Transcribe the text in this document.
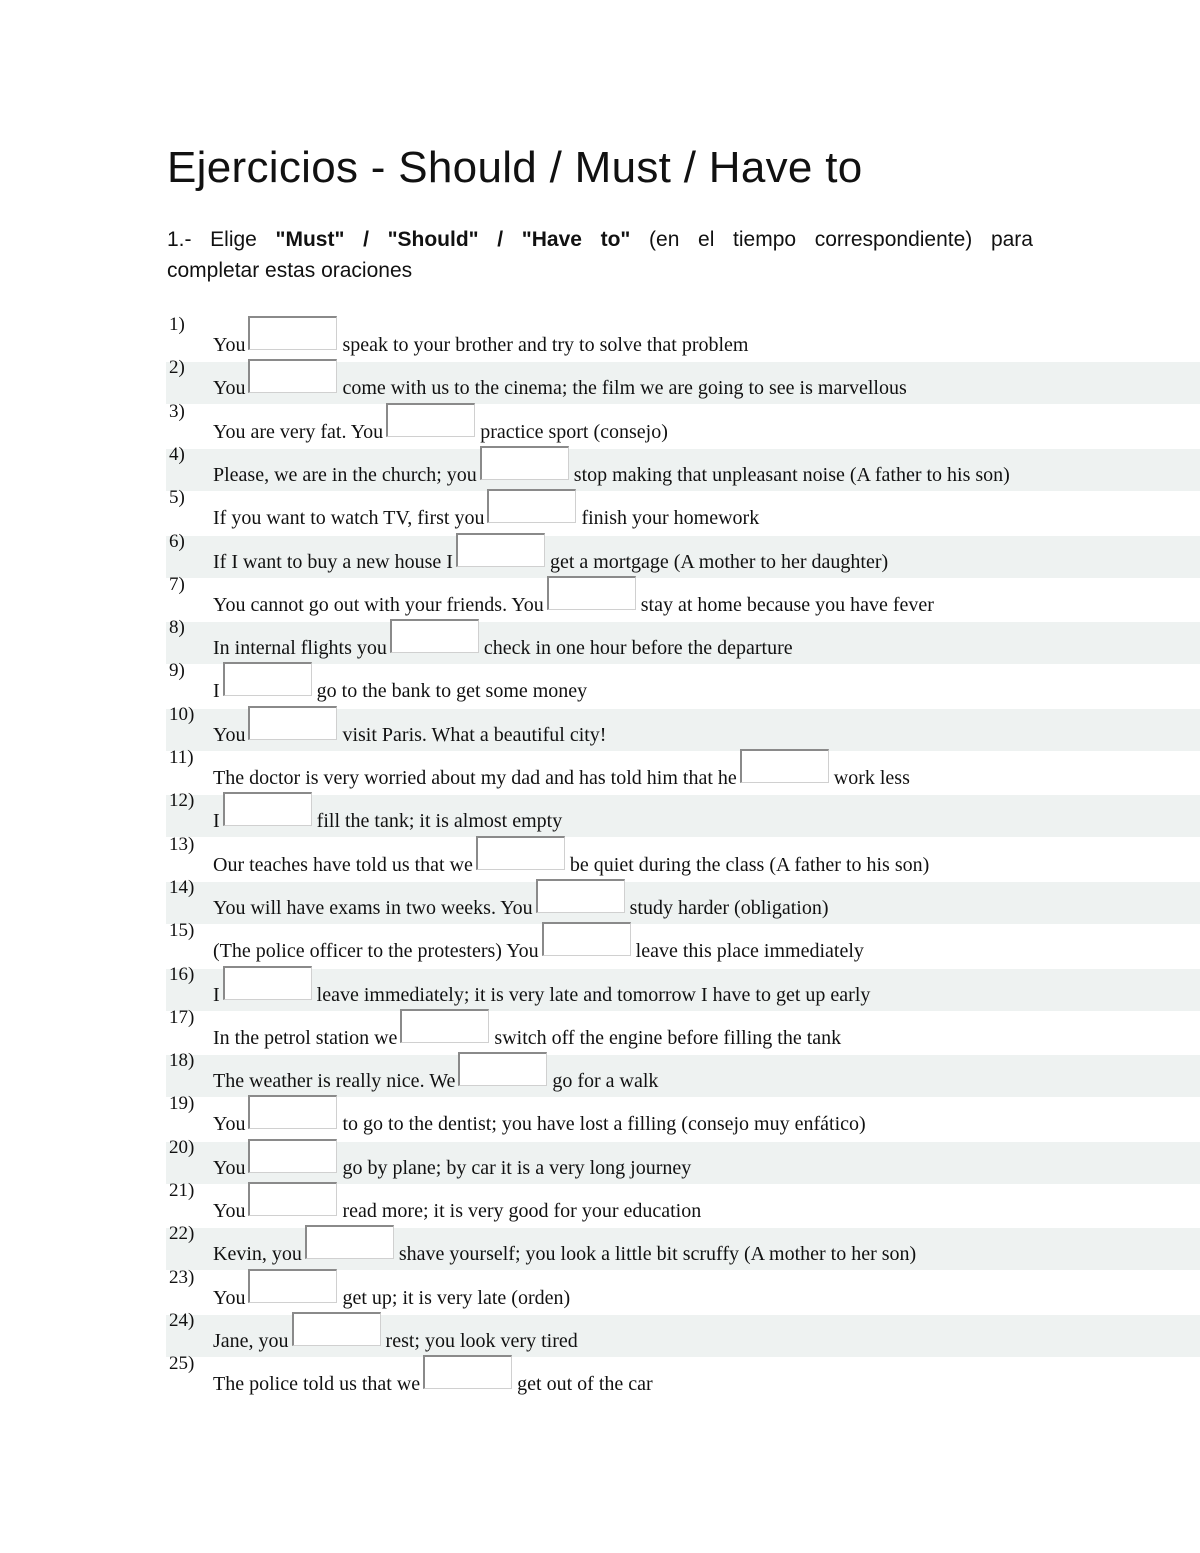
Ejercicios - Should / Must / Have to
1.- Elige "Must" / "Should" / "Have to" (en el tiempo correspondiente) para
completar estas oraciones
1)
You	speak to your brother and try to solve that problem
2)
You	come with us to the cinema; the film we are going to see is marvellous
3)
You are very fat. You	practice sport (consejo)
4)
Please, we are in the church; you	stop making that unpleasant noise (A father to his son)
5)
If you want to watch TV, first you	finish your homework
6)
If I want to buy a new house I	get a mortgage (A mother to her daughter)
7)
You cannot go out with your friends. You	stay at home because you have fever
8)
In internal flights you	check in one hour before the departure
9)
I	go to the bank to get some money
10)
You	visit Paris. What a beautiful city!
11)
The doctor is very worried about my dad and has told him that he	work less
12)
I	fill the tank; it is almost empty
13)
Our teaches have told us that we	be quiet during the class (A father to his son)
14)
You will have exams in two weeks. You	study harder (obligation)
15)
(The police officer to the protesters) You	leave this place immediately
16)
I	leave immediately; it is very late and tomorrow I have to get up early
17)
In the petrol station we	switch off the engine before filling the tank
18)
The weather is really nice. We	go for a walk
19)
You	to go to the dentist; you have lost a filling (consejo muy enfático)
20)
You	go by plane; by car it is a very long journey
21)
You	read more; it is very good for your education
22)
Kevin, you	shave yourself; you look a little bit scruffy (A mother to her son)
23)
You	get up; it is very late (orden)
24)
Jane, you	rest; you look very tired
25)
The police told us that we	get out of the car
